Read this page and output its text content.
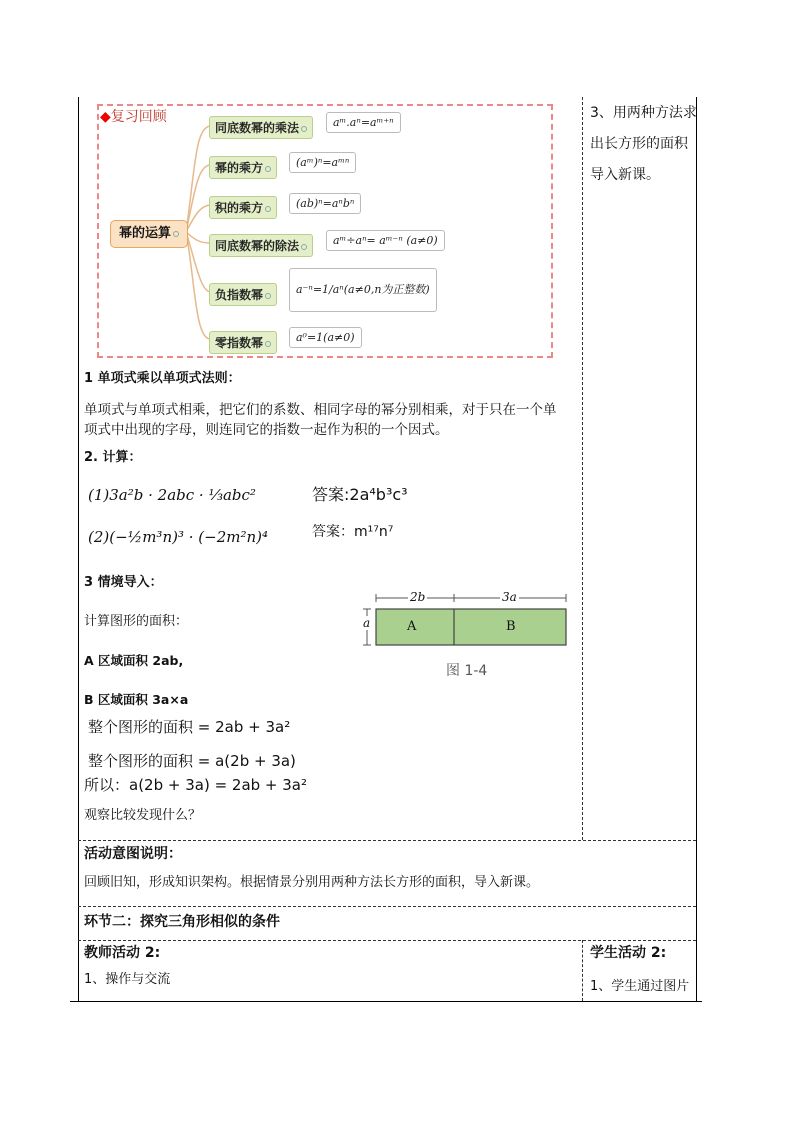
◆复习回顾
幂的运算
同底数幂的乘法	aᵐ.aⁿ=aᵐ⁺ⁿ
幂的乘方	(aᵐ)ⁿ=aᵐⁿ
积的乘方	(ab)ⁿ=aⁿbⁿ
同底数幂的除法	aᵐ÷aⁿ= aᵐ⁻ⁿ (a≠0)
负指数幂	a⁻ⁿ=1/aⁿ(a≠0,n为正整数)
零指数幂	a⁰=1(a≠0)
3、用两种方法求
出长方形的面积
导入新课。
1 单项式乘以单项式法则：
单项式与单项式相乘，把它们的系数、相同字母的幂分别相乘，对于只在一个单
项式中出现的字母，则连同它的指数一起作为积的一个因式。
2. 计算：
(1)3a²b · 2abc · ⅓abc²	答案:2a⁴b³c³
(2)(−½m³n)³ · (−2m²n)⁴	答案：m¹⁷n⁷
3 情境导入：
计算图形的面积：
A 区域面积 2ab,
B 区域面积 3a×a
整个图形的面积 = 2ab + 3a²
整个图形的面积 = a(2b + 3a)
所以：a(2b + 3a) = 2ab + 3a²
观察比较发现什么？
2b	3a
a	A	B
图 1-4
活动意图说明：
回顾旧知，形成知识架构。根据情景分别用两种方法长方形的面积，导入新课。
环节二：探究三角形相似的条件
教师活动 2:
1、操作与交流
学生活动 2:
1、学生通过图片
